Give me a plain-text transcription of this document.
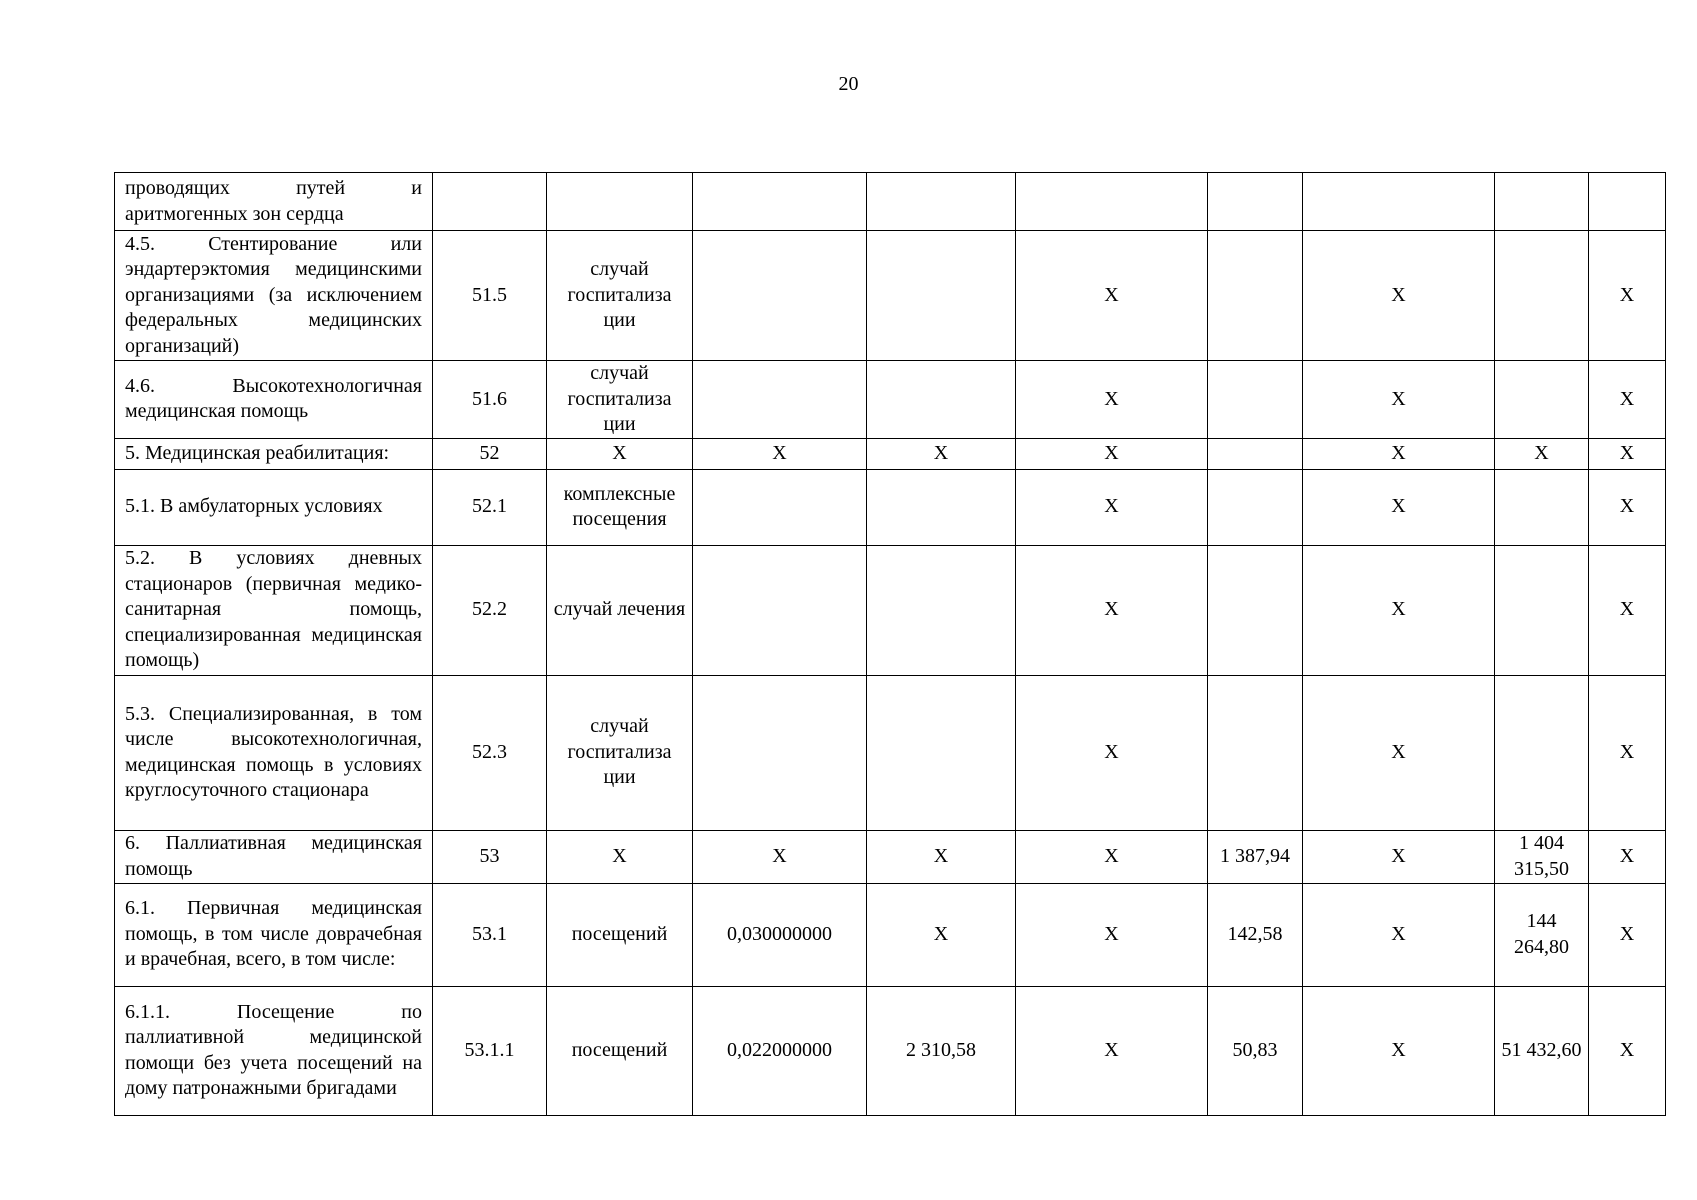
20
проводящих путей и аритмогенных зон сердца									
4.5. Стентирование или эндартерэктомия медицинскими организациями (за исключением федеральных медицинских организаций)	51.5	случай госпитализа ции			X		X		X
4.6. Высокотехнологичная медицинская помощь	51.6	случай госпитализа ции			X		X		X
5. Медицинская реабилитация:	52	X	X	X	X		X	X	X
5.1. В амбулаторных условиях	52.1	комплексные посещения			X		X		X
5.2. В условиях дневных стационаров (первичная медико-санитарная помощь, специализированная медицинская помощь)	52.2	случай лечения			X		X		X
5.3. Специализированная, в том числе высокотехнологичная, медицинская помощь в условиях круглосуточного стационара	52.3	случай госпитализа ции			X		X		X
6. Паллиативная медицинская помощь	53	X	X	X	X	1 387,94	X	1 404 315,50	X
6.1. Первичная медицинская помощь, в том числе доврачебная и врачебная, всего, в том числе:	53.1	посещений	0,030000000	X	X	142,58	X	144 264,80	X
6.1.1. Посещение по паллиативной медицинской помощи без учета посещений на дому патронажными бригадами	53.1.1	посещений	0,022000000	2 310,58	X	50,83	X	51 432,60	X
